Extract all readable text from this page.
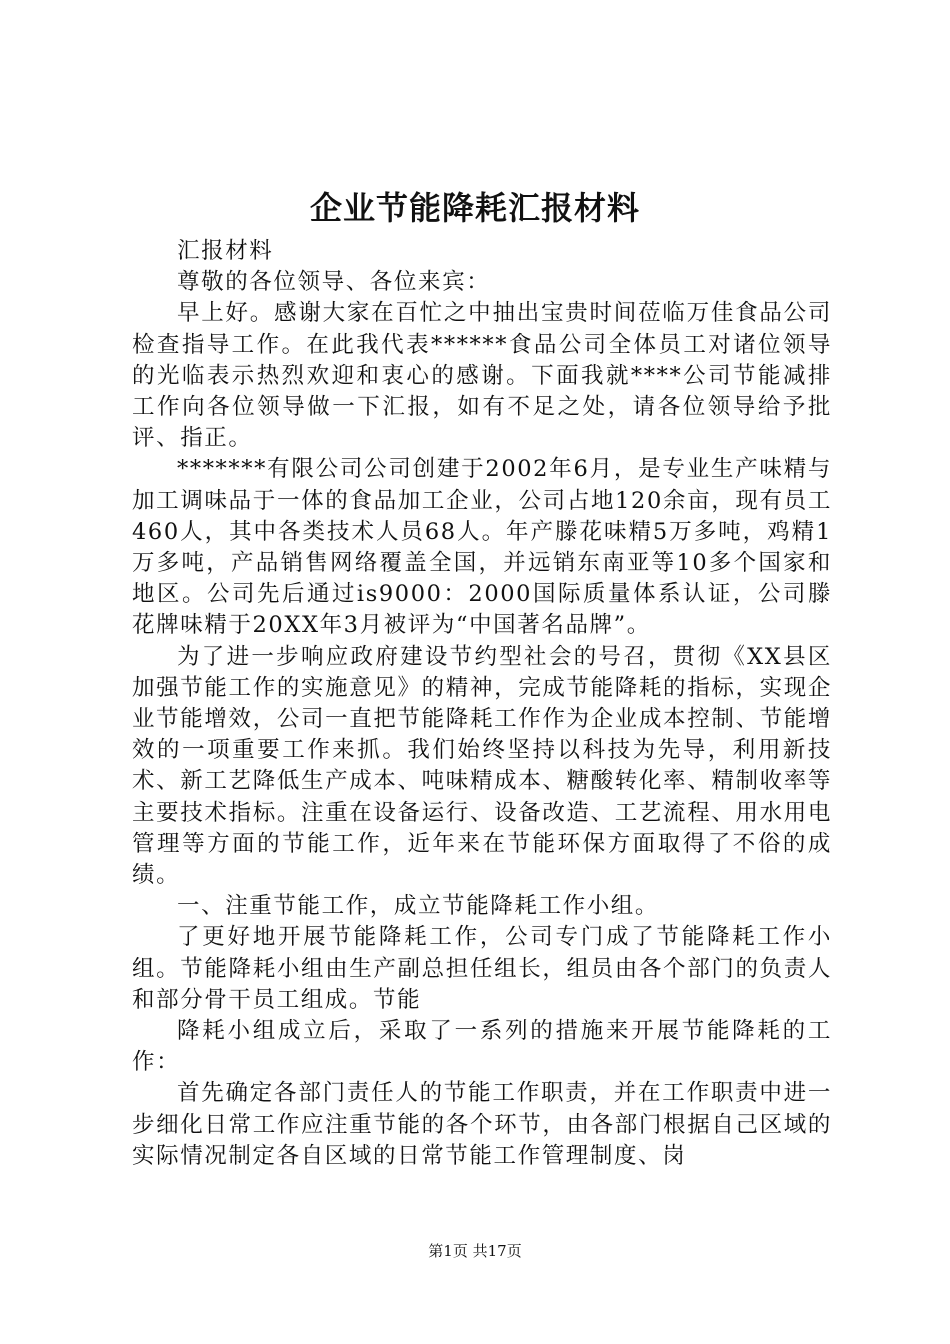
企业节能降耗汇报材料

汇报材料

尊敬的各位领导、各位来宾：

早上好。感谢大家在百忙之中抽出宝贵时间莅临万佳食品公司检查指导工作。在此我代表******食品公司全体员工对诸位领导的光临表示热烈欢迎和衷心的感谢。下面我就****公司节能减排工作向各位领导做一下汇报，如有不足之处，请各位领导给予批评、指正。

*******有限公司公司创建于2002年6月，是专业生产味精与加工调味品于一体的食品加工企业，公司占地120余亩，现有员工460人，其中各类技术人员68人。年产滕花味精5万多吨，鸡精1万多吨，产品销售网络覆盖全国，并远销东南亚等10多个国家和地区。公司先后通过is9000：2000国际质量体系认证，公司滕花牌味精于20XX年3月被评为“中国著名品牌”。

为了进一步响应政府建设节约型社会的号召，贯彻《XX县区加强节能工作的实施意见》的精神，完成节能降耗的指标，实现企业节能增效，公司一直把节能降耗工作作为企业成本控制、节能增效的一项重要工作来抓。我们始终坚持以科技为先导，利用新技术、新工艺降低生产成本、吨味精成本、糖酸转化率、精制收率等主要技术指标。注重在设备运行、设备改造、工艺流程、用水用电管理等方面的节能工作，近年来在节能环保方面取得了不俗的成绩。

一、注重节能工作，成立节能降耗工作小组。

了更好地开展节能降耗工作，公司专门成了节能降耗工作小组。节能降耗小组由生产副总担任组长，组员由各个部门的负责人和部分骨干员工组成。节能

降耗小组成立后，采取了一系列的措施来开展节能降耗的工作：

首先确定各部门责任人的节能工作职责，并在工作职责中进一步细化日常工作应注重节能的各个环节，由各部门根据自己区域的实际情况制定各自区域的日常节能工作管理制度、岗

第1页 共17页
